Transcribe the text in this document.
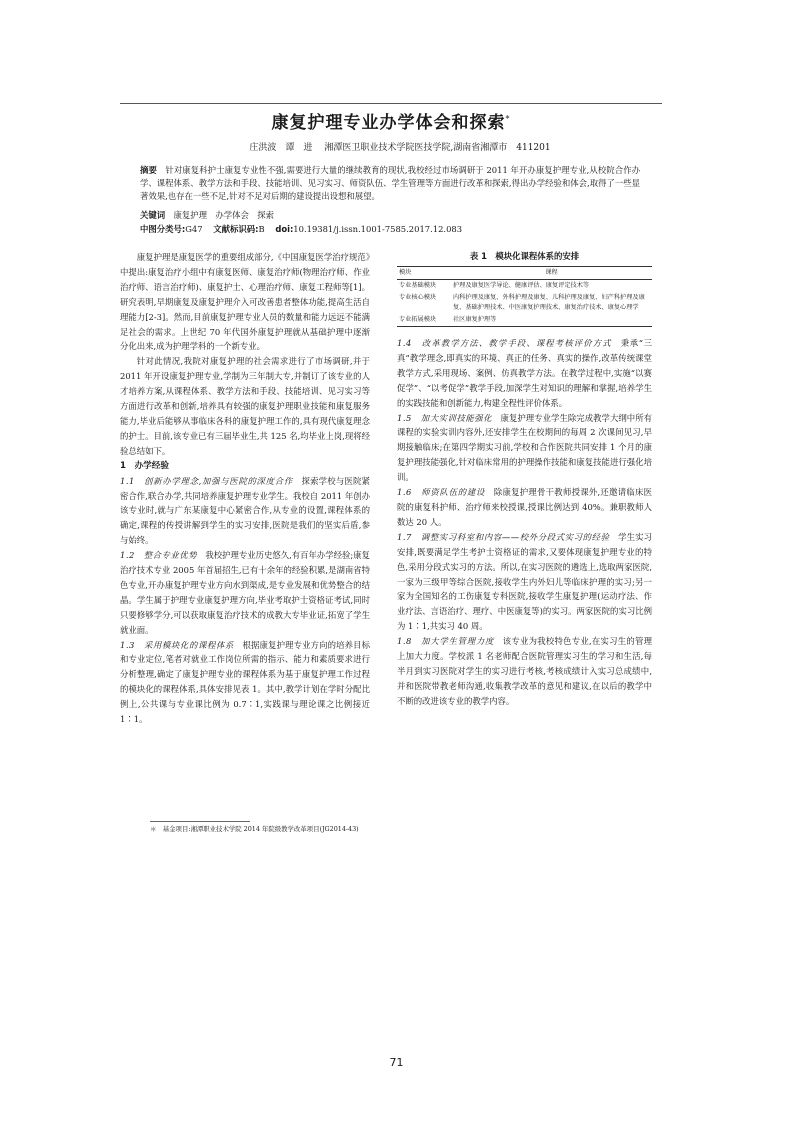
康复护理专业办学体会和探索*
庄洪波　谭　进 湘潭医卫职业技术学院医技学院,湖南省湘潭市　411201
摘要　 针对康复科护士康复专业性不强,需要进行大量的继续教育的现状,我校经过市场调研于 2011 年开办康复护理专业,从校院合作办学、课程体系、教学方法和手段、技能培训、见习实习、师资队伍、学生管理等方面进行改革和探索,得出办学经验和体会,取得了一些显著效果,也存在一些不足,针对不足对后期的建设提出设想和展望。
关键词　 康复护理　办学体会　探索
中图分类号:G47 文献标识码:B doi:10.19381/j.issn.1001-7585.2017.12.083

康复护理是康复医学的重要组成部分,《中国康复医学治疗规范》中提出:康复治疗小组中有康复医师、康复治疗师(物理治疗师、作业治疗师、语言治疗师)、康复护士、心理治疗师、康复工程师等[1]。研究表明,早期康复及康复护理介入可改善患者整体功能,提高生活自理能力[2-3]。然而,目前康复护理专业人员的数量和能力远远不能满足社会的需求。上世纪 70 年代国外康复护理就从基础护理中逐渐分化出来,成为护理学科的一个新专业。

针对此情况,我院对康复护理的社会需求进行了市场调研,并于 2011 年开设康复护理专业,学制为三年制大专,并制订了该专业的人才培养方案,从课程体系、教学方法和手段、技能培训、见习实习等方面进行改革和创新,培养具有较强的康复护理职业技能和康复服务能力,毕业后能够从事临床各科的康复护理工作的,具有现代康复理念的护士。目前,该专业已有三届毕业生,共 125 名,均毕业上岗,现将经验总结如下。

1　办学经验

1.1　创新办学理念,加强与医院的深度合作　探索学校与医院紧密合作,联合办学,共同培养康复护理专业学生。我校自 2011 年创办该专业时,就与广东某康复中心紧密合作,从专业的设置,课程体系的确定,课程的传授讲解到学生的实习安排,医院是我们的坚实后盾,参与始终。

1.2　整合专业优势　我校护理专业历史悠久,有百年办学经验;康复治疗技术专业 2005 年首届招生,已有十余年的经验积累,是湖南省特色专业,开办康复护理专业方向水到渠成,是专业发展和优势整合的结晶。学生属于护理专业康复护理方向,毕业考取护士资格证考试,同时只要修够学分,可以获取康复治疗技术的成教大专毕业证,拓宽了学生就业面。

1.3　采用模块化的课程体系　根据康复护理专业方向的培养目标和专业定位,笔者对就业工作岗位所需的指示、能力和素质要求进行分析整理,确定了康复护理专业的课程体系为基于康复护理工作过程的模块化的课程体系,具体安排见表 1。其中,教学计划在学时分配比例上,公共课与专业课比例为 0.7∶1,实践课与理论课之比例接近 1∶1。

表 1　模块化课程体系的安排
模块	课程
专业基础模块	护理及康复医学导论、健康评估、康复评定技术等
专业核心模块	内科护理及康复、外科护理及康复、儿科护理及康复、妇产科护理及康复、基础护理技术、中医康复护理技术、康复治疗技术、康复心理学
专业拓展模块	社区康复护理等

1.4　改革教学方法、教学手段、课程考核评价方式　秉承“三真”教学理念,即真实的环境、真正的任务、真实的操作,改革传统课堂教学方式,采用现场、案例、仿真教学方法。在教学过程中,实施“以赛促学”、“以考促学”教学手段,加深学生对知识的理解和掌握,培养学生的实践技能和创新能力,构建全程性评价体系。

1.5　加大实训技能强化　康复护理专业学生除完成教学大纲中所有课程的实验实训内容外,还安排学生在校期间的每周 2 次课间见习,早期接触临床;在第四学期实习前,学校和合作医院共同安排 1 个月的康复护理技能强化,针对临床常用的护理操作技能和康复技能进行强化培训。

1.6　师资队伍的建设　除康复护理骨干教师授课外,还邀请临床医院的康复科护师、治疗师来校授课,授课比例达到 40%。兼职教师人数达 20 人。

1.7　调整实习科室和内容——校外分段式实习的经验　学生实习安排,既要满足学生考护士资格证的需求,又要体现康复护理专业的特色,采用分段式实习的方法。所以,在实习医院的遴选上,选取两家医院,一家为三级甲等综合医院,接收学生内外妇儿等临床护理的实习;另一家为全国知名的工伤康复专科医院,接收学生康复护理(运动疗法、作业疗法、言语治疗、理疗、中医康复等)的实习。两家医院的实习比例为 1∶1,共实习 40 周。

1.8　加大学生管理力度　该专业为我校特色专业,在实习生的管理上加大力度。学校派 1 名老师配合医院管理实习生的学习和生活,每半月到实习医院对学生的实习进行考核,考核成绩计入实习总成绩中,并和医院带教老师沟通,收集教学改革的意见和建议,在以后的教学中不断的改进该专业的教学内容。

＊　基金项目:湘潭职业技术学院 2014 年院级教学改革项目(JG2014-43)
71
